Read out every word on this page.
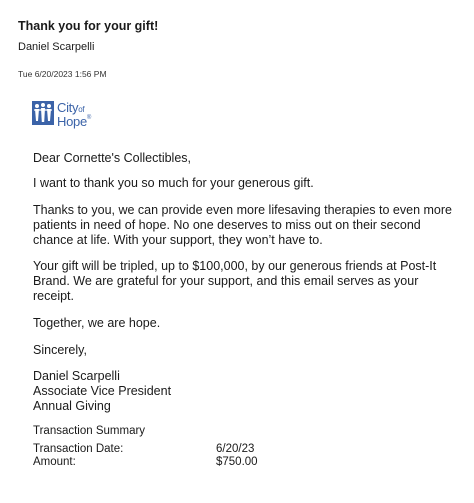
Thank you for your gift!
Daniel Scarpelli
Tue 6/20/2023 1:56 PM
Cityof
Hope®
Dear Cornette's Collectibles,
I want to thank you so much for your generous gift.
Thanks to you, we can provide even more lifesaving therapies to even more patients in need of hope. No one deserves to miss out on their second chance at life. With your support, they won’t have to.
Your gift will be tripled, up to $100,000, by our generous friends at Post-It Brand. We are grateful for your support, and this email serves as your receipt.
Together, we are hope.
Sincerely,
Daniel Scarpelli
Associate Vice President
Annual Giving
Transaction Summary
Transaction Date:	6/20/23
Amount:	$750.00
